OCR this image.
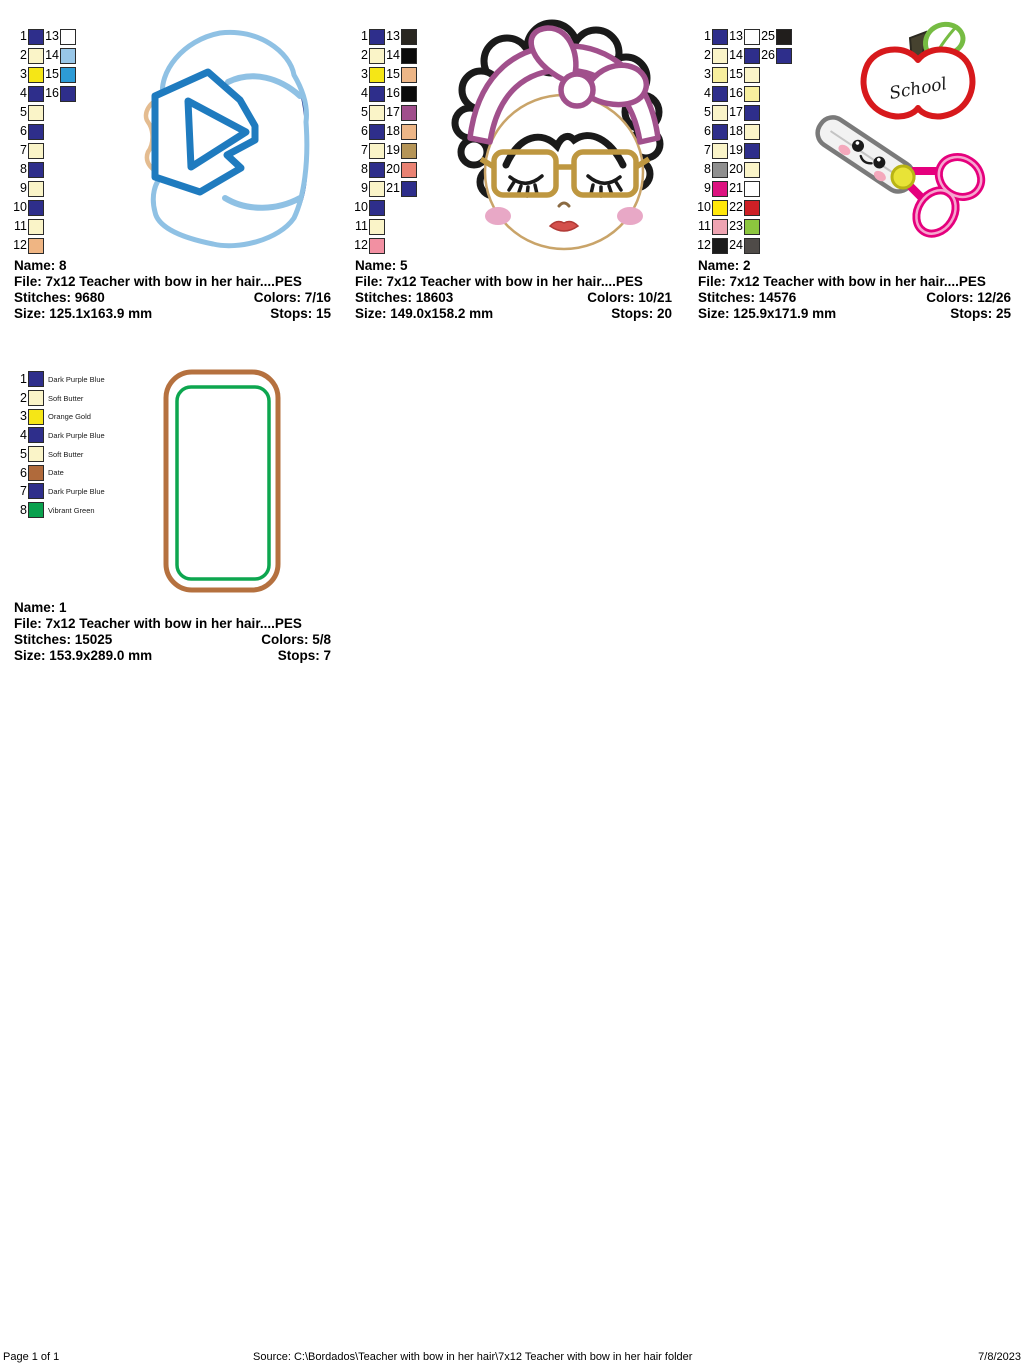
1
2
3
4
5
6
7
8
9
10
11
12
13
14
15
16
Name: 8
File: 7x12 Teacher with bow in her hair....PES
Stitches: 9680	Colors: 7/16
Size: 125.1x163.9 mm	Stops: 15
1
2
3
4
5
6
7
8
9
10
11
12
13
14
15
16
17
18
19
20
21
Name: 5
File: 7x12 Teacher with bow in her hair....PES
Stitches: 18603	Colors: 10/21
Size: 149.0x158.2 mm	Stops: 20
1
2
3
4
5
6
7
8
9
10
11
12
13
14
15
16
17
18
19
20
21
22
23
24
25
26
School
Name: 2
File: 7x12 Teacher with bow in her hair....PES
Stitches: 14576	Colors: 12/26
Size: 125.9x171.9 mm	Stops: 25
1	Dark Purple Blue
2	Soft Butter
3	Orange Gold
4	Dark Purple Blue
5	Soft Butter
6	Date
7	Dark Purple Blue
8	Vibrant Green
Name: 1
File: 7x12 Teacher with bow in her hair....PES
Stitches: 15025	Colors: 5/8
Size: 153.9x289.0 mm	Stops: 7
Page 1 of 1	Source: C:\Bordados\Teacher with bow in her hair\7x12 Teacher with bow in her hair folder	7/8/2023
